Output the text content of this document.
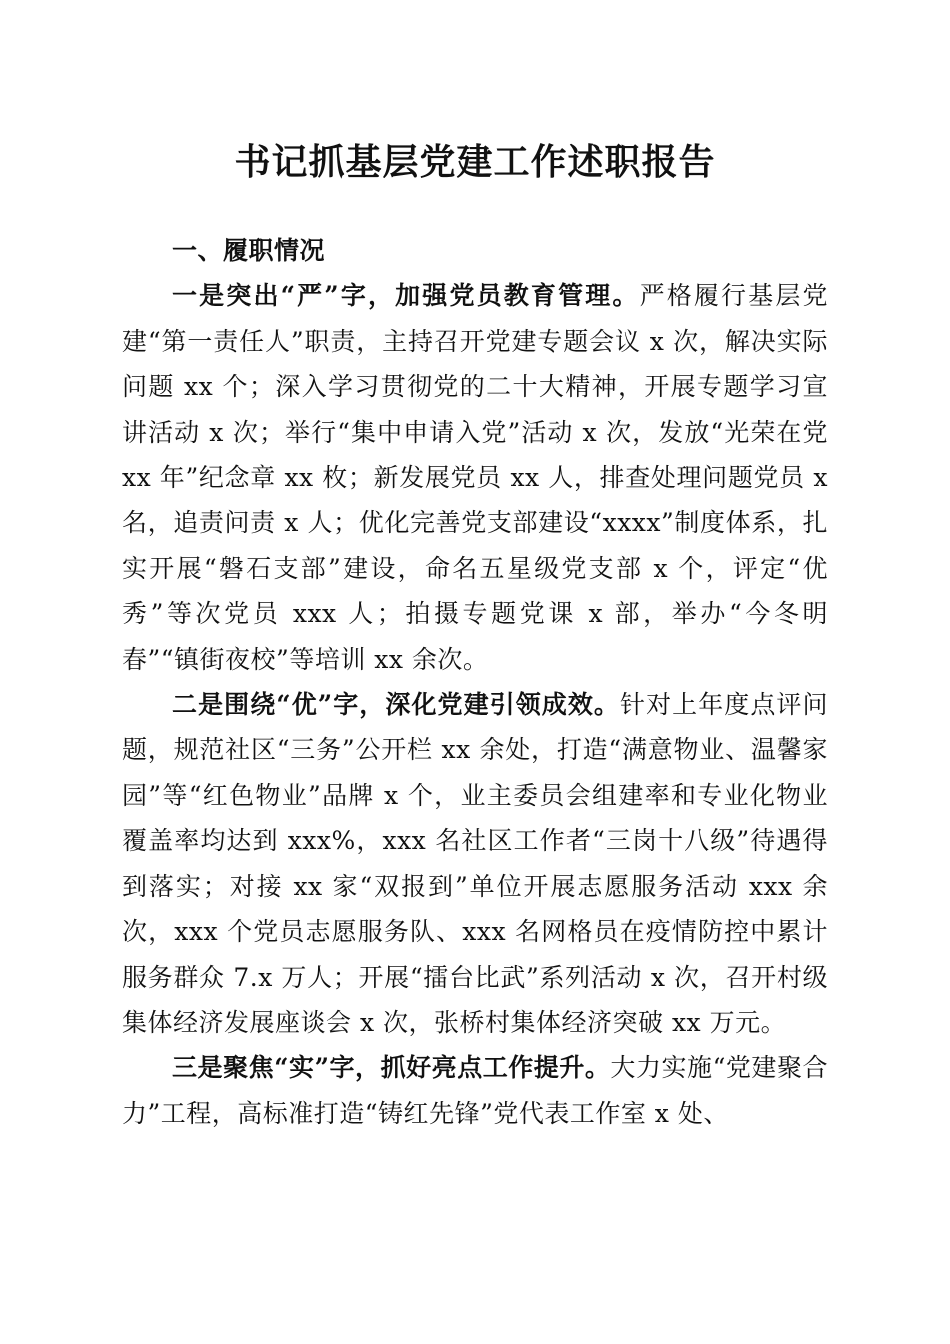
书记抓基层党建工作述职报告

一、履职情况

一是突出“严”字，加强党员教育管理。严格履行基层党建“第一责任人”职责，主持召开党建专题会议 x 次，解决实际问题 xx 个；深入学习贯彻党的二十大精神，开展专题学习宣讲活动 x 次；举行“集中申请入党”活动 x 次，发放“光荣在党 xx 年”纪念章 xx 枚；新发展党员 xx 人，排查处理问题党员 x 名，追责问责 x 人；优化完善党支部建设“xxxx”制度体系，扎实开展“磐石支部”建设，命名五星级党支部 x 个，评定“优秀”等次党员 xxx 人；拍摄专题党课 x 部，举办“今冬明春”“镇街夜校”等培训 xx 余次。

二是围绕“优”字，深化党建引领成效。针对上年度点评问题，规范社区“三务”公开栏 xx 余处，打造“满意物业、温馨家园”等“红色物业”品牌 x 个，业主委员会组建率和专业化物业覆盖率均达到 xxx%，xxx 名社区工作者“三岗十八级”待遇得到落实；对接 xx 家“双报到”单位开展志愿服务活动 xxx 余次，xxx 个党员志愿服务队、xxx 名网格员在疫情防控中累计服务群众 7.x 万人；开展“擂台比武”系列活动 x 次，召开村级集体经济发展座谈会 x 次，张桥村集体经济突破 xx 万元。

三是聚焦“实”字，抓好亮点工作提升。大力实施“党建聚合力”工程，高标准打造“铸红先锋”党代表工作室 x 处、
